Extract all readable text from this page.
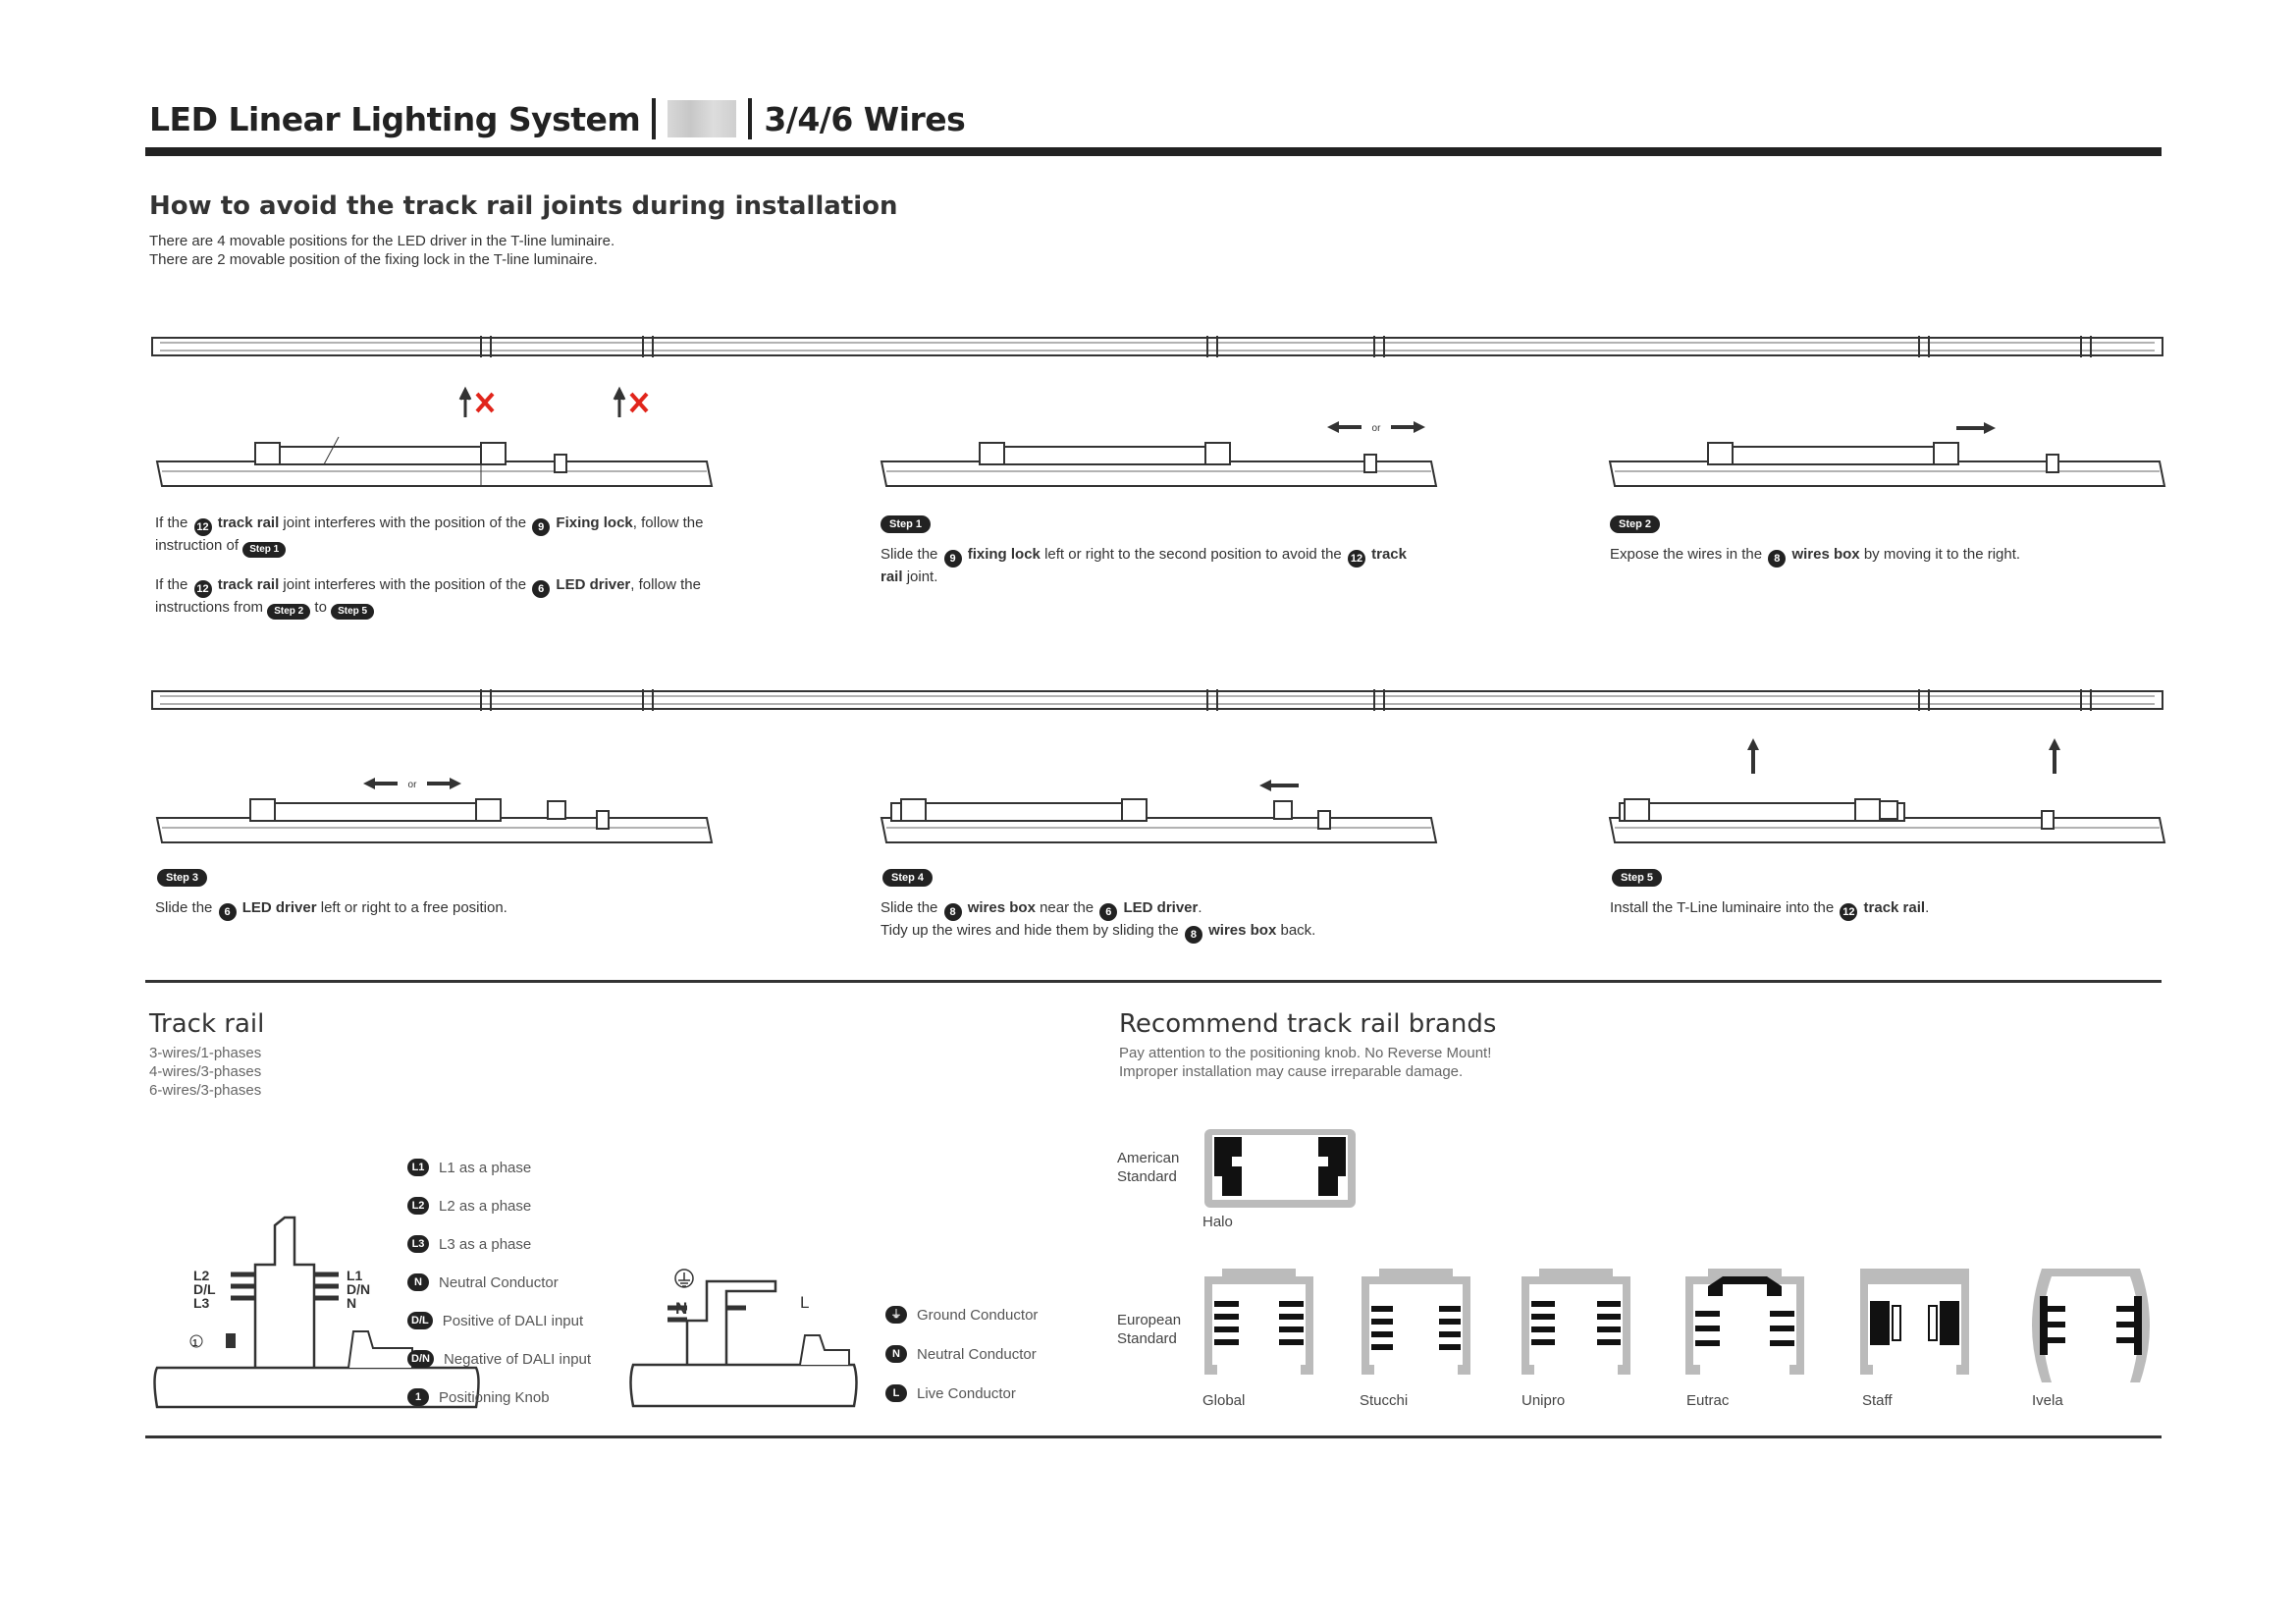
LED Linear Lighting System	3/4/6 Wires
How to avoid the track rail joints during installation
There are 4 movable positions for the LED driver in the T-line luminaire.
There are 2 movable position of the fixing lock in the T-line luminaire.
or
If the 12 track rail joint interferes with the position of the 9 Fixing lock, follow the instruction of Step 1
If the 12 track rail joint interferes with the position of the 6 LED driver, follow the instructions from Step 2 to Step 5
Step 1
Slide the 9 fixing lock left or right to the second position to avoid the 12 track rail joint.
Step 2
Expose the wires in the 8 wires box by moving it to the right.
or
Step 3
Slide the 6 LED driver left or right to a free position.
Step 4
Slide the 8 wires box near the 6 LED driver.
Tidy up the wires and hide them by sliding the 8 wires box back.
Step 5
Install the T-Line luminaire into the 12 track rail.
Track rail
3-wires/1-phases
4-wires/3-phases
6-wires/3-phases
L2
D/L
L3
L1
D/N
N
1
L1 L1 as a phase
L2 L2 as a phase
L3 L3 as a phase
N	Neutral Conductor
D/L Positive of DALI input
D/N Negative of DALI input
1	Positioning Knob
N	L
⏚	Ground Conductor
N	Neutral Conductor
L	Live Conductor
Recommend track rail brands
Pay attention to the positioning knob. No Reverse Mount!
Improper installation may cause irreparable damage.
American
Standard
Halo
European
Standard
Global	Stucchi	Unipro	Eutrac	Staff	Ivela
